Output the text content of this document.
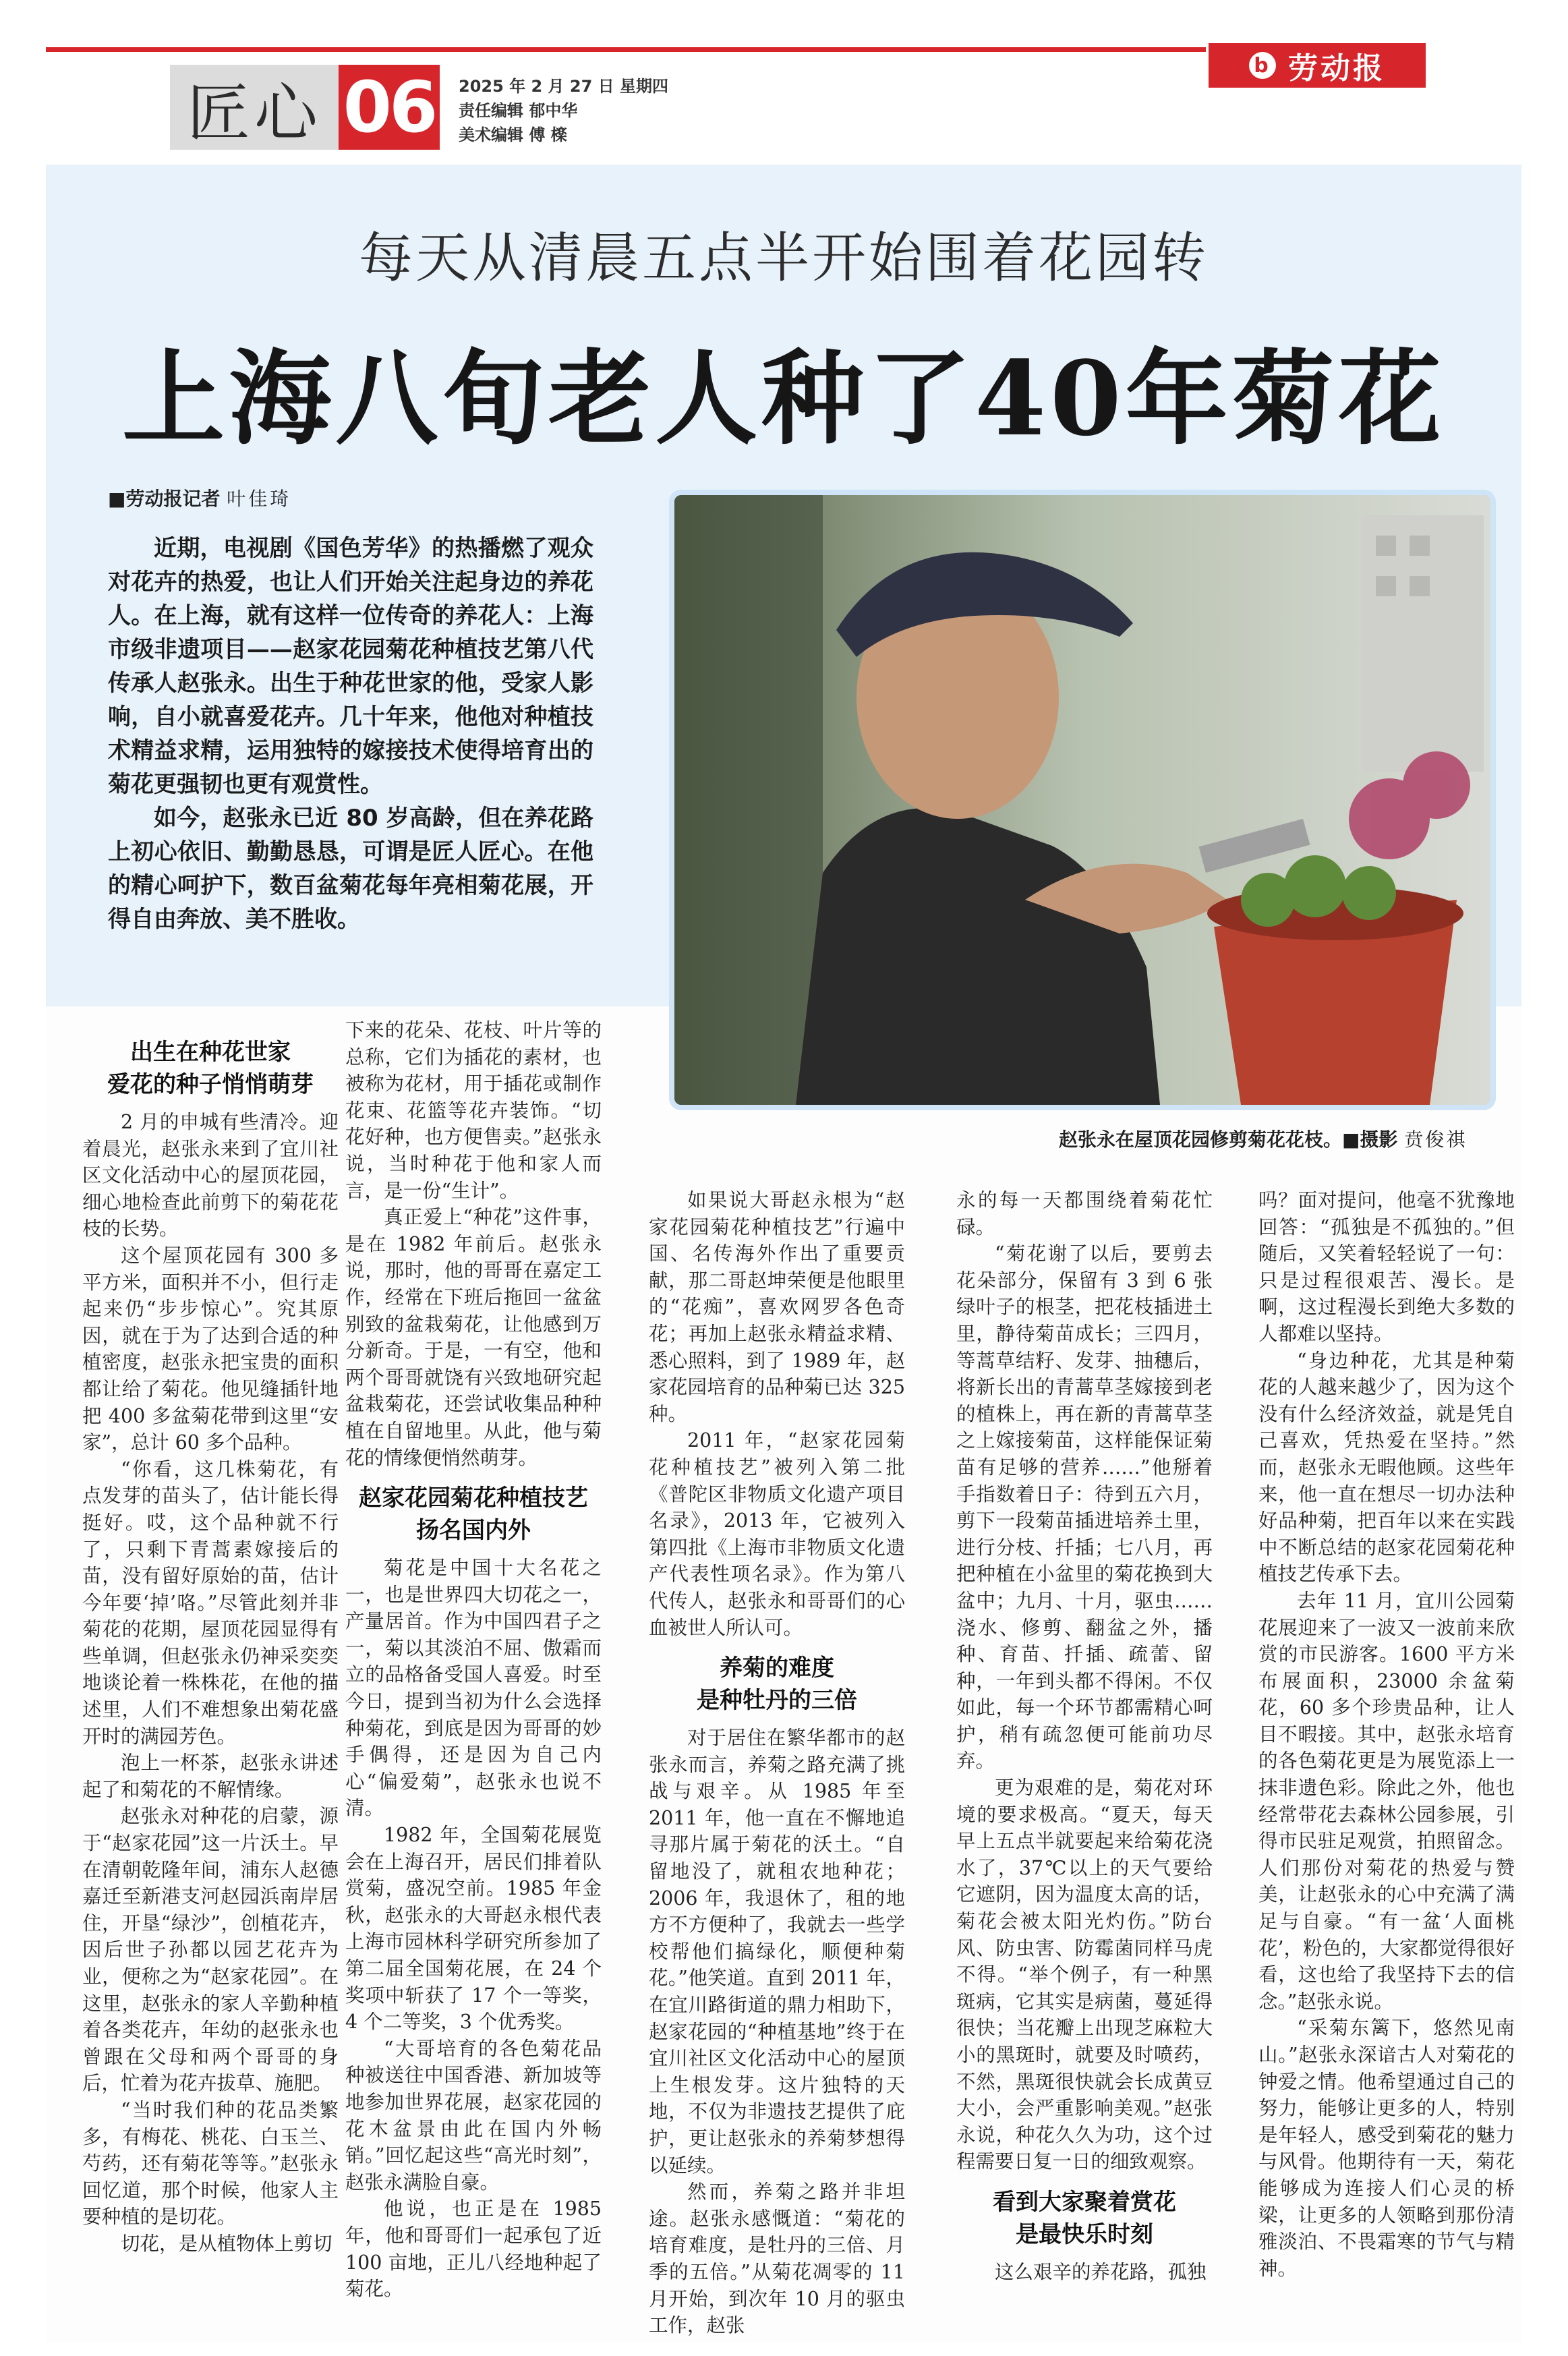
b 劳动报
匠心 06 2025 年 2 月 27 日 星期四
责任编辑 郁中华
美术编辑 傅 檪
每天从清晨五点半开始围着花园转
上海八旬老人种了40年菊花
■劳动报记者 叶佳琦

近期，电视剧《国色芳华》的热播燃了观众对花卉的热爱，也让人们开始关注起身边的养花人。在上海，就有这样一位传奇的养花人：上海市级非遗项目——赵家花园菊花种植技艺第八代传承人赵张永。出生于种花世家的他，受家人影响，自小就喜爱花卉。几十年来，他他对种植技术精益求精，运用独特的嫁接技术使得培育出的菊花更强韧也更有观赏性。

如今，赵张永已近 80 岁高龄，但在养花路上初心依旧、勤勤恳恳，可谓是匠人匠心。在他的精心呵护下，数百盆菊花每年亮相菊花展，开得自由奔放、美不胜收。

赵张永在屋顶花园修剪菊花花枝。■摄影 贲俊祺
出生在种花世家
爱花的种子悄悄萌芽

2 月的申城有些清冷。迎着晨光，赵张永来到了宜川社区文化活动中心的屋顶花园，细心地检查此前剪下的菊花花枝的长势。

这个屋顶花园有 300 多平方米，面积并不小，但行走起来仍“步步惊心”。究其原因，就在于为了达到合适的种植密度，赵张永把宝贵的面积都让给了菊花。他见缝插针地把 400 多盆菊花带到这里“安家”，总计 60 多个品种。

“你看，这几株菊花，有点发芽的苗头了，估计能长得挺好。哎，这个品种就不行了，只剩下青蒿素嫁接后的苗，没有留好原始的苗，估计今年要‘掉’咯。”尽管此刻并非菊花的花期，屋顶花园显得有些单调，但赵张永仍神采奕奕地谈论着一株株花，在他的描述里，人们不难想象出菊花盛开时的满园芳色。

泡上一杯茶，赵张永讲述起了和菊花的不解情缘。

赵张永对种花的启蒙，源于“赵家花园”这一片沃土。早在清朝乾隆年间，浦东人赵德嘉迁至新港支河赵园浜南岸居住，开垦“绿沙”，创植花卉，因后世子孙都以园艺花卉为业，便称之为“赵家花园”。在这里，赵张永的家人辛勤种植着各类花卉，年幼的赵张永也曾跟在父母和两个哥哥的身后，忙着为花卉拔草、施肥。

“当时我们种的花品类繁多，有梅花、桃花、白玉兰、芍药，还有菊花等等。”赵张永回忆道，那个时候，他家人主要种植的是切花。

切花，是从植物体上剪切

下来的花朵、花枝、叶片等的总称，它们为插花的素材，也被称为花材，用于插花或制作花束、花篮等花卉装饰。“切花好种，也方便售卖。”赵张永说，当时种花于他和家人而言，是一份“生计”。

真正爱上“种花”这件事，是在 1982 年前后。赵张永说，那时，他的哥哥在嘉定工作，经常在下班后拖回一盆盆别致的盆栽菊花，让他感到万分新奇。于是，一有空，他和两个哥哥就饶有兴致地研究起盆栽菊花，还尝试收集品种种植在自留地里。从此，他与菊花的情缘便悄然萌芽。

赵家花园菊花种植技艺
扬名国内外

菊花是中国十大名花之一，也是世界四大切花之一，产量居首。作为中国四君子之一，菊以其淡泊不屈、傲霜而立的品格备受国人喜爱。时至今日，提到当初为什么会选择种菊花，到底是因为哥哥的妙手偶得，还是因为自己内心“偏爱菊”，赵张永也说不清。

1982 年，全国菊花展览会在上海召开，居民们排着队赏菊，盛况空前。1985 年金秋，赵张永的大哥赵永根代表上海市园林科学研究所参加了第二届全国菊花展，在 24 个奖项中斩获了 17 个一等奖，4 个二等奖，3 个优秀奖。

“大哥培育的各色菊花品种被送往中国香港、新加坡等地参加世界花展，赵家花园的花木盆景由此在国内外畅销。”回忆起这些“高光时刻”，赵张永满脸自豪。

他说，也正是在 1985 年，他和哥哥们一起承包了近 100 亩地，正儿八经地种起了菊花。

如果说大哥赵永根为“赵家花园菊花种植技艺”行遍中国、名传海外作出了重要贡献，那二哥赵坤荣便是他眼里的“花痴”，喜欢网罗各色奇花；再加上赵张永精益求精、悉心照料，到了 1989 年，赵家花园培育的品种菊已达 325 种。

2011 年，“赵家花园菊花种植技艺”被列入第二批《普陀区非物质文化遗产项目名录》，2013 年，它被列入第四批《上海市非物质文化遗产代表性项名录》。作为第八代传人，赵张永和哥哥们的心血被世人所认可。

养菊的难度
是种牡丹的三倍

对于居住在繁华都市的赵张永而言，养菊之路充满了挑战与艰辛。从 1985 年至 2011 年，他一直在不懈地追寻那片属于菊花的沃土。“自留地没了，就租农地种花；2006 年，我退休了，租的地方不方便种了，我就去一些学校帮他们搞绿化，顺便种菊花。”他笑道。直到 2011 年，在宜川路街道的鼎力相助下，赵家花园的“种植基地”终于在宜川社区文化活动中心的屋顶上生根发芽。这片独特的天地，不仅为非遗技艺提供了庇护，更让赵张永的养菊梦想得以延续。

然而，养菊之路并非坦途。赵张永感慨道：“菊花的培育难度，是牡丹的三倍、月季的五倍。”从菊花凋零的 11 月开始，到次年 10 月的驱虫工作，赵张

永的每一天都围绕着菊花忙碌。

“菊花谢了以后，要剪去花朵部分，保留有 3 到 6 张绿叶子的根茎，把花枝插进土里，静待菊苗成长；三四月，等蒿草结籽、发芽、抽穗后，将新长出的青蒿草茎嫁接到老的植株上，再在新的青蒿草茎之上嫁接菊苗，这样能保证菊苗有足够的营养……”他掰着手指数着日子：待到五六月，剪下一段菊苗插进培养土里，进行分枝、扦插；七八月，再把种植在小盆里的菊花换到大盆中；九月、十月，驱虫……浇水、修剪、翻盆之外，播种、育苗、扦插、疏蕾、留种，一年到头都不得闲。不仅如此，每一个环节都需精心呵护，稍有疏忽便可能前功尽弃。

更为艰难的是，菊花对环境的要求极高。“夏天，每天早上五点半就要起来给菊花浇水了，37℃以上的天气要给它遮阴，因为温度太高的话，菊花会被太阳光灼伤。”防台风、防虫害、防霉菌同样马虎不得。“举个例子，有一种黑斑病，它其实是病菌，蔓延得很快；当花瓣上出现芝麻粒大小的黑斑时，就要及时喷药，不然，黑斑很快就会长成黄豆大小，会严重影响美观。”赵张永说，种花久久为功，这个过程需要日复一日的细致观察。

看到大家聚着赏花
是最快乐时刻

这么艰辛的养花路，孤独

吗？面对提问，他毫不犹豫地回答：“孤独是不孤独的。”但随后，又笑着轻轻说了一句：只是过程很艰苦、漫长。是啊，这过程漫长到绝大多数的人都难以坚持。

“身边种花，尤其是种菊花的人越来越少了，因为这个没有什么经济效益，就是凭自己喜欢，凭热爱在坚持。”然而，赵张永无暇他顾。这些年来，他一直在想尽一切办法种好品种菊，把百年以来在实践中不断总结的赵家花园菊花种植技艺传承下去。

去年 11 月，宜川公园菊花展迎来了一波又一波前来欣赏的市民游客。1600 平方米布展面积，23000 余盆菊花，60 多个珍贵品种，让人目不暇接。其中，赵张永培育的各色菊花更是为展览添上一抹非遗色彩。除此之外，他也经常带花去森林公园参展，引得市民驻足观赏，拍照留念。人们那份对菊花的热爱与赞美，让赵张永的心中充满了满足与自豪。“有一盆‘人面桃花’，粉色的，大家都觉得很好看，这也给了我坚持下去的信念。”赵张永说。

“采菊东篱下，悠然见南山。”赵张永深谙古人对菊花的钟爱之情。他希望通过自己的努力，能够让更多的人，特别是年轻人，感受到菊花的魅力与风骨。他期待有一天，菊花能够成为连接人们心灵的桥梁，让更多的人领略到那份清雅淡泊、不畏霜寒的节气与精神。
